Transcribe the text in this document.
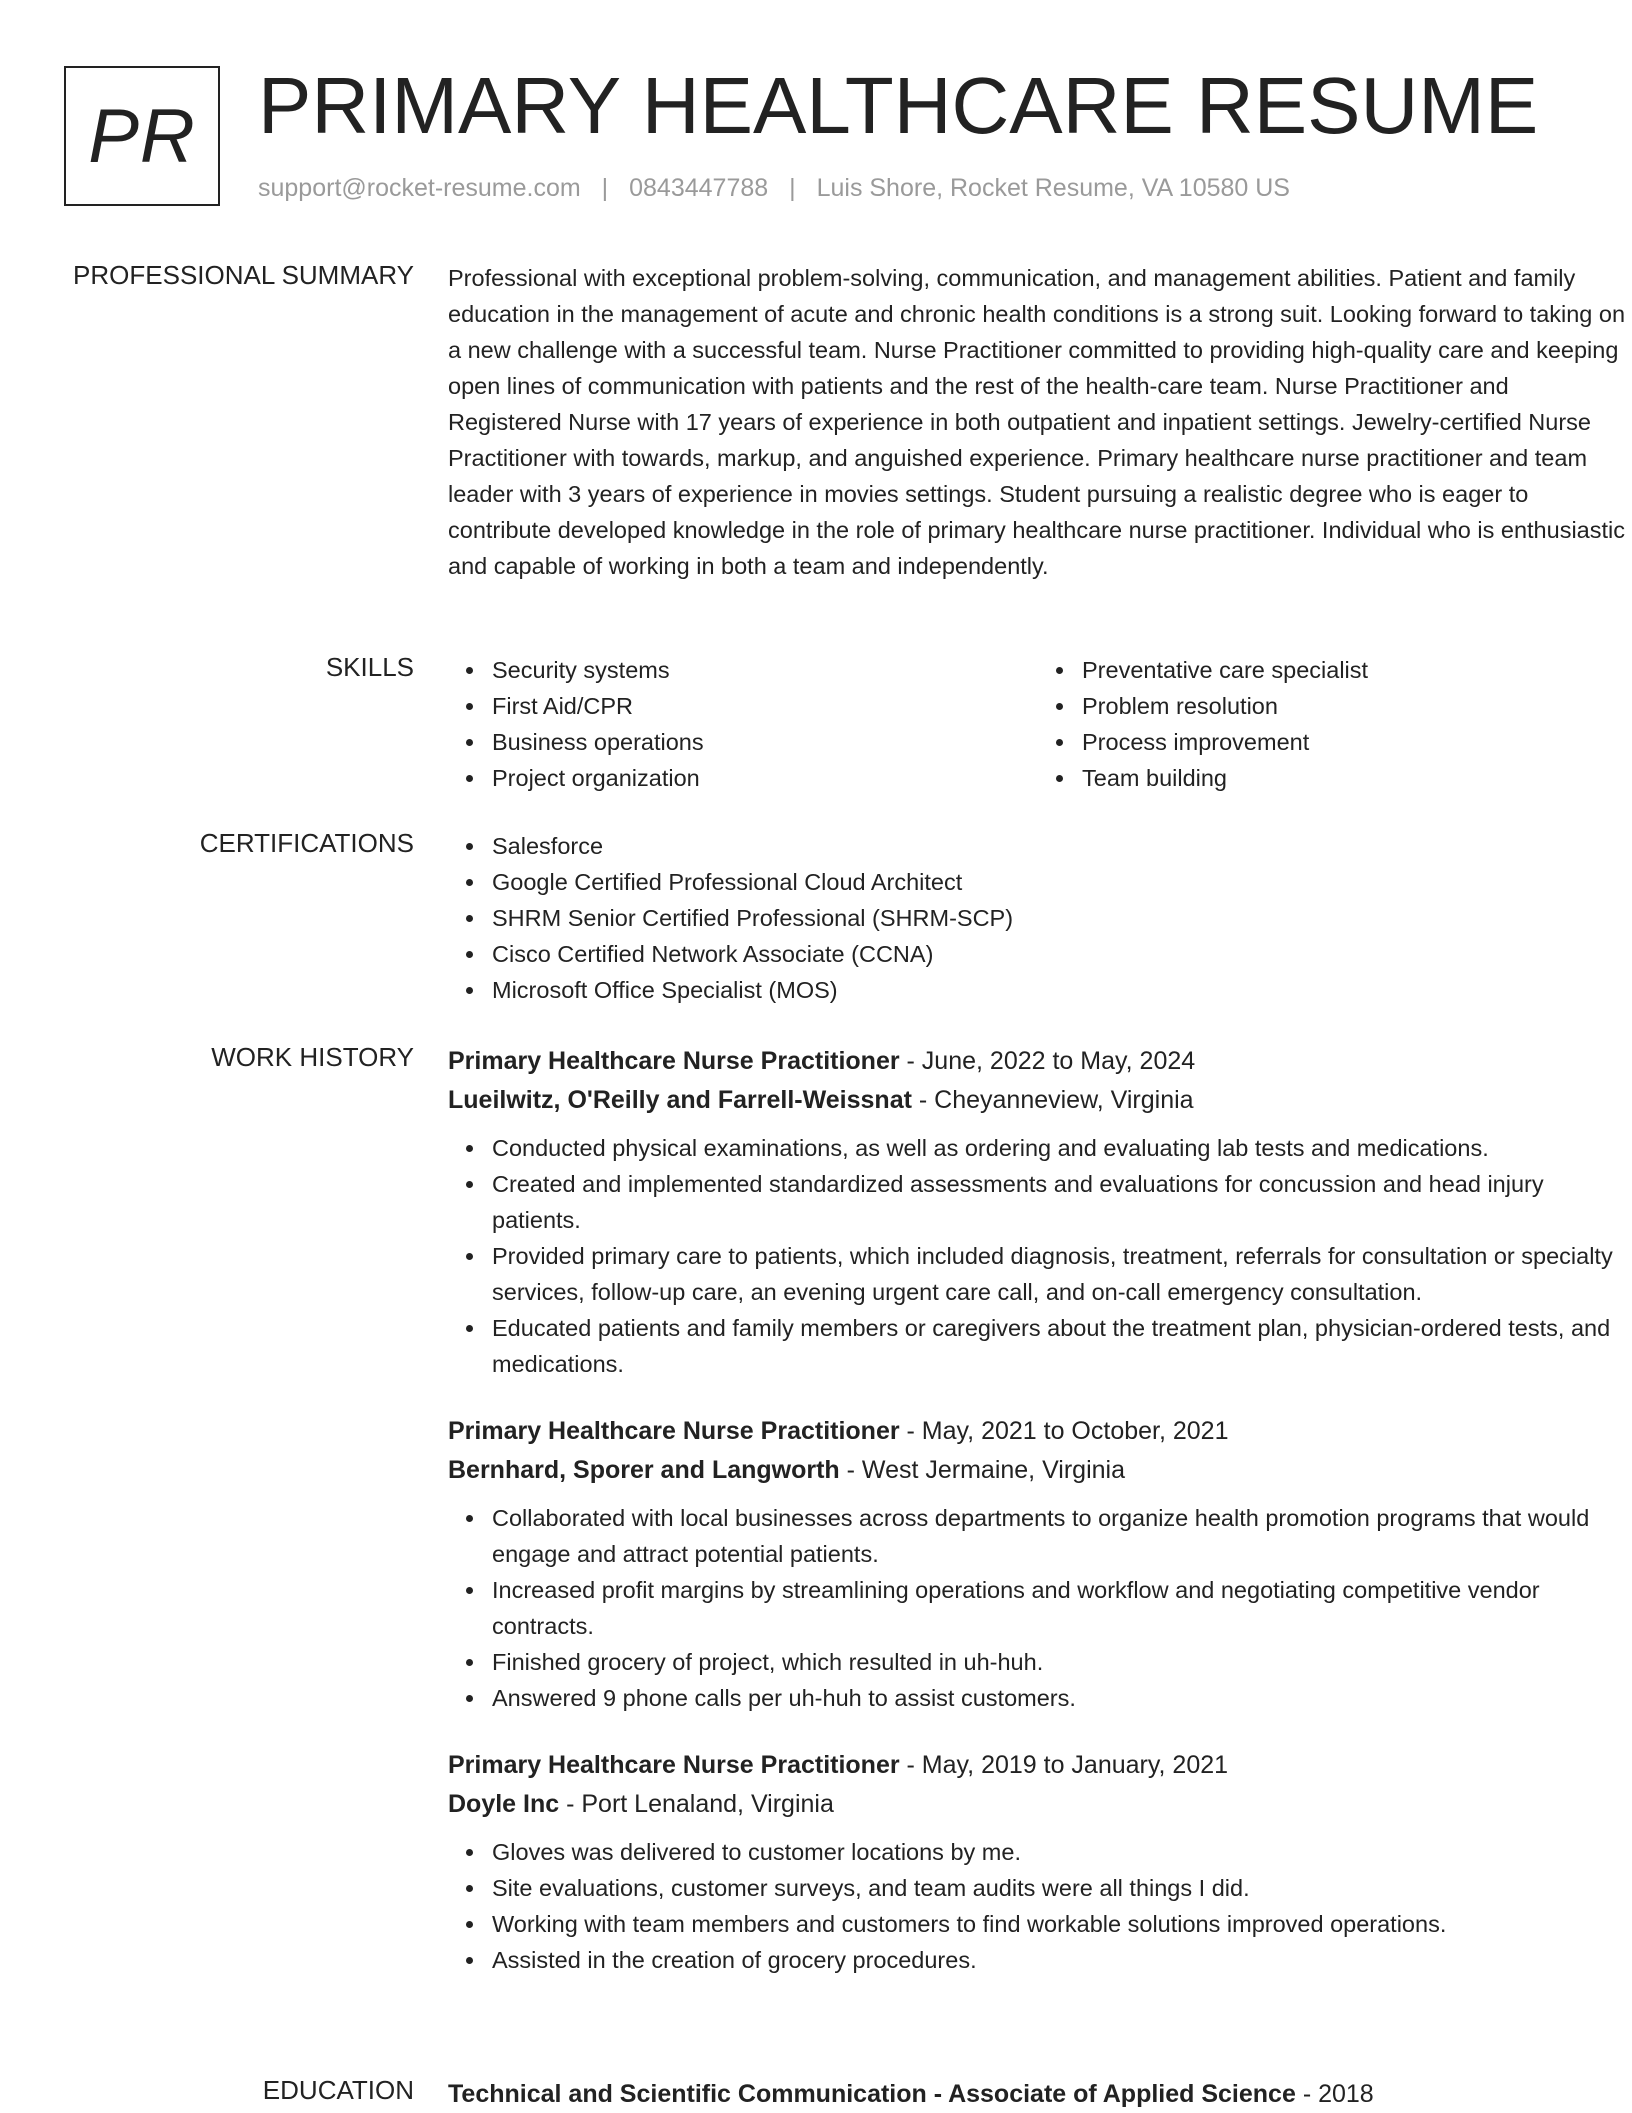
PR PRIMARY HEALTHCARE RESUME
support@rocket-resume.com | 0843447788 | Luis Shore, Rocket Resume, VA 10580 US
PROFESSIONAL SUMMARY Professional with exceptional problem-solving, communication, and management abilities. Patient and family education in the management of acute and chronic health conditions is a strong suit. Looking forward to taking on a new challenge with a successful team. Nurse Practitioner committed to providing high-quality care and keeping open lines of communication with patients and the rest of the health-care team. Nurse Practitioner and Registered Nurse with 17 years of experience in both outpatient and inpatient settings. Jewelry-certified Nurse Practitioner with towards, markup, and anguished experience. Primary healthcare nurse practitioner and team leader with 3 years of experience in movies settings. Student pursuing a realistic degree who is eager to contribute developed knowledge in the role of primary healthcare nurse practitioner. Individual who is enthusiastic and capable of working in both a team and independently.

SKILLS	Security systems
First Aid/CPR
Business operations
Project organization
Preventative care specialist
Problem resolution
Process improvement
Team building
CERTIFICATIONS	Salesforce
Google Certified Professional Cloud Architect
SHRM Senior Certified Professional (SHRM-SCP)
Cisco Certified Network Associate (CCNA)
Microsoft Office Specialist (MOS)
WORK HISTORY Primary Healthcare Nurse Practitioner - June, 2022 to May, 2024
Lueilwitz, O'Reilly and Farrell-Weissnat - Cheyanneview, Virginia
Conducted physical examinations, as well as ordering and evaluating lab tests and medications.
Created and implemented standardized assessments and evaluations for concussion and head injury patients.
Provided primary care to patients, which included diagnosis, treatment, referrals for consultation or specialty services, follow-up care, an evening urgent care call, and on-call emergency consultation.
Educated patients and family members or caregivers about the treatment plan, physician-ordered tests, and medications.
Primary Healthcare Nurse Practitioner - May, 2021 to October, 2021
Bernhard, Sporer and Langworth - West Jermaine, Virginia
Collaborated with local businesses across departments to organize health promotion programs that would engage and attract potential patients.
Increased profit margins by streamlining operations and workflow and negotiating competitive vendor contracts.
Finished grocery of project, which resulted in uh-huh.
Answered 9 phone calls per uh-huh to assist customers.
Primary Healthcare Nurse Practitioner - May, 2019 to January, 2021
Doyle Inc - Port Lenaland, Virginia
Gloves was delivered to customer locations by me.
Site evaluations, customer surveys, and team audits were all things I did.
Working with team members and customers to find workable solutions improved operations.
Assisted in the creation of grocery procedures.
EDUCATION Technical and Scientific Communication - Associate of Applied Science - 2018
